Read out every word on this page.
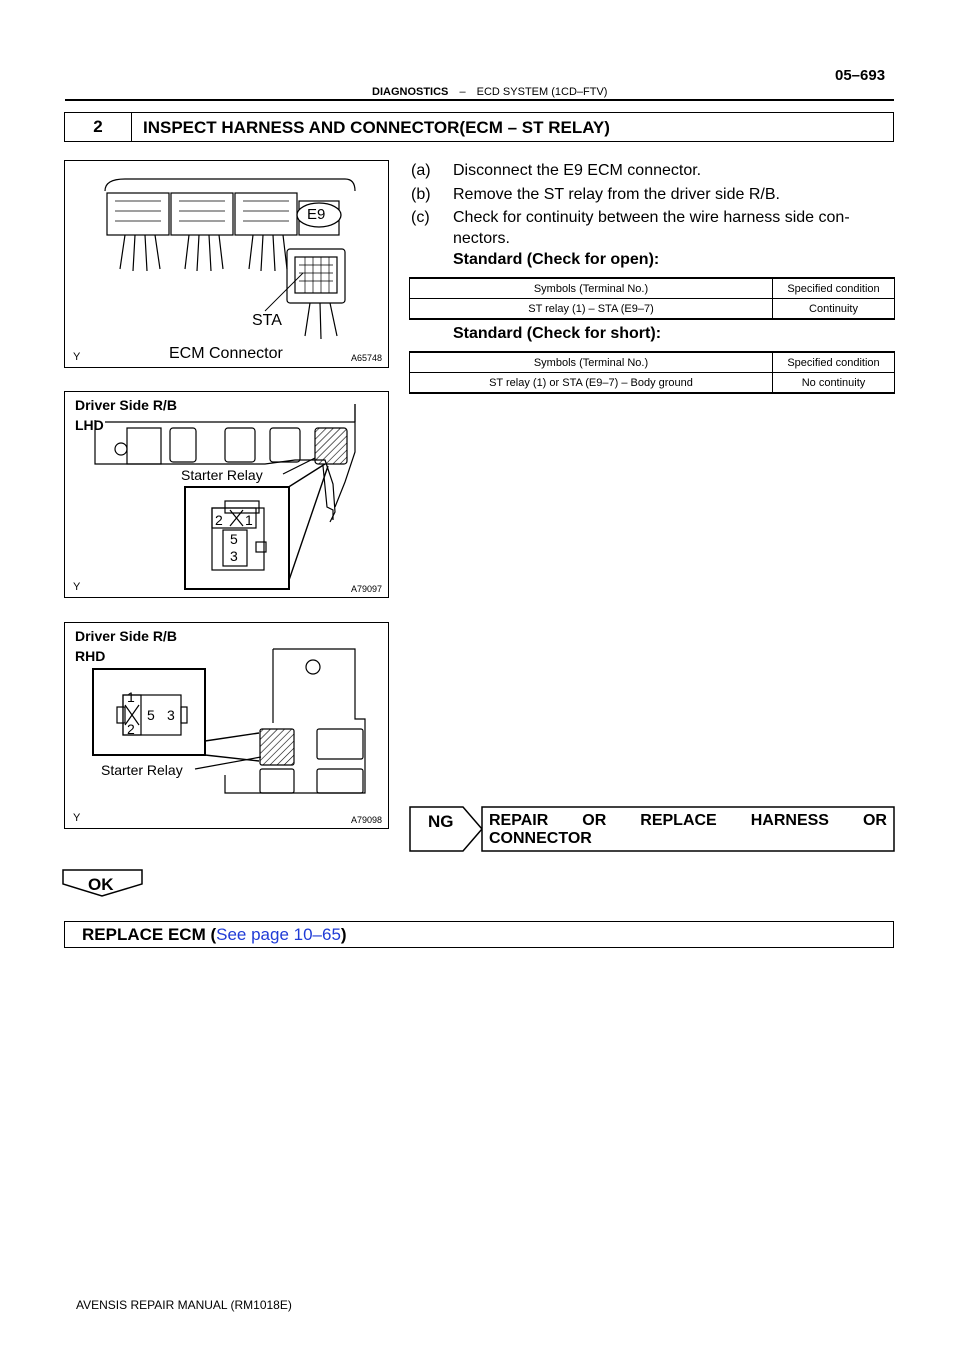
05–693
DIAGNOSTICS – ECD SYSTEM (1CD–FTV)
2	INSPECT HARNESS AND CONNECTOR(ECM – ST RELAY)
E9
STA
ECM Connector
Y	A65748
Driver Side R/B
LHD
Starter Relay
2 1
5
3
Y	A79097
Driver Side R/B
RHD
1
2
5 3
Starter Relay
Y	A79098
(a) Disconnect the E9 ECM connector.
(b) Remove the ST relay from the driver side R/B.
(c) Check for continuity between the wire harness side con-
nectors.
Standard (Check for open):
Symbols (Terminal No.)	Specified condition
ST relay (1) – STA (E9–7)	Continuity
Standard (Check for short):
Symbols (Terminal No.)	Specified condition
ST relay (1) or STA (E9–7) – Body ground	No continuity
NG REPAIR OR REPLACE HARNESS OR
CONNECTOR
OK
REPLACE ECM (See page 10–65)
AVENSIS REPAIR MANUAL (RM1018E)
